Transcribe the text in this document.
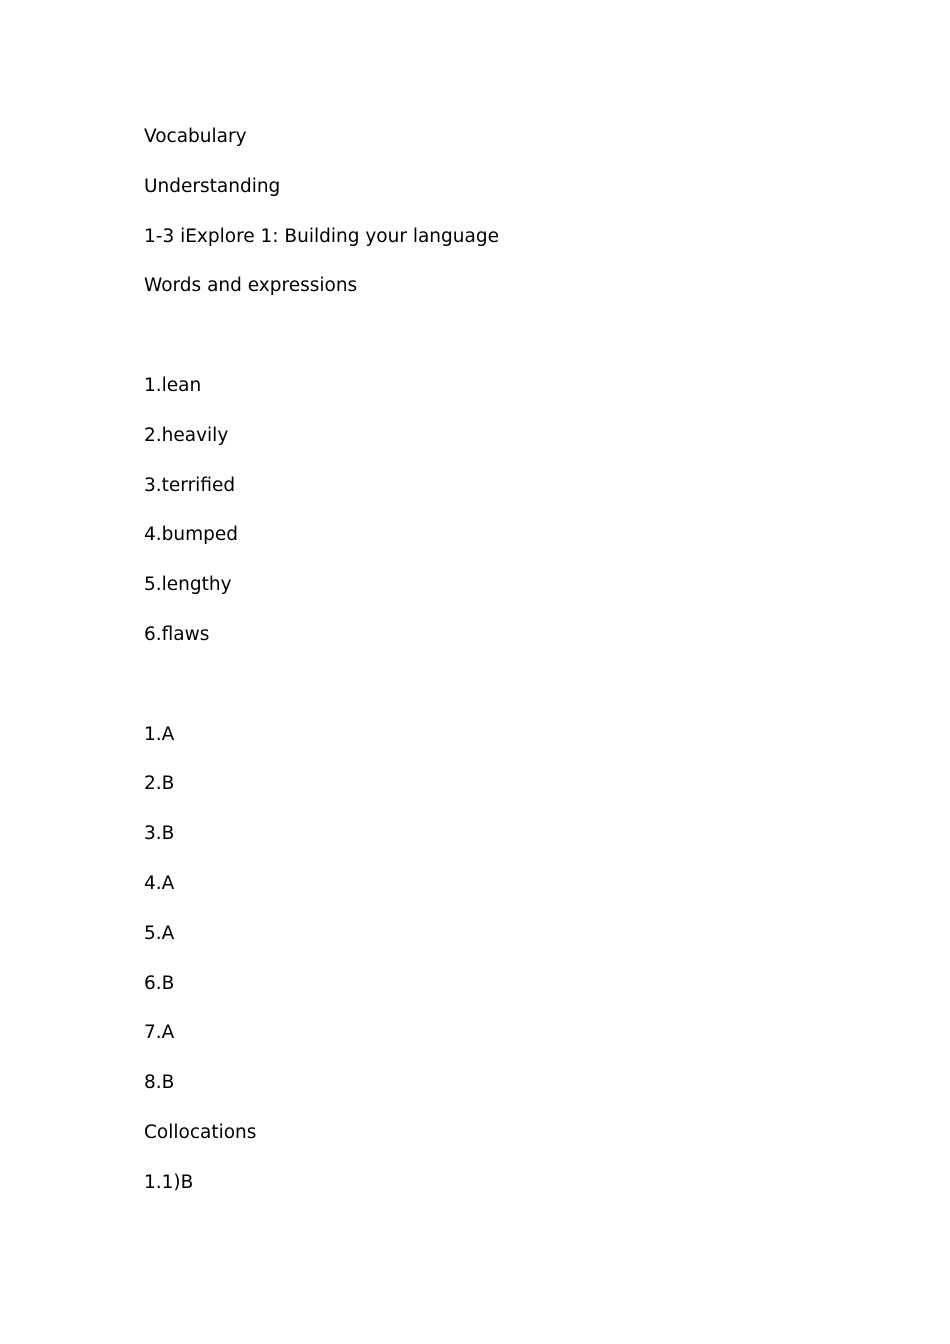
Vocabulary
Understanding
1-3 iExplore 1: Building your language
Words and expressions
1.lean
2.heavily
3.terrified
4.bumped
5.lengthy
6.flaws
1.A
2.B
3.B
4.A
5.A
6.B
7.A
8.B
Collocations
1.1)B
